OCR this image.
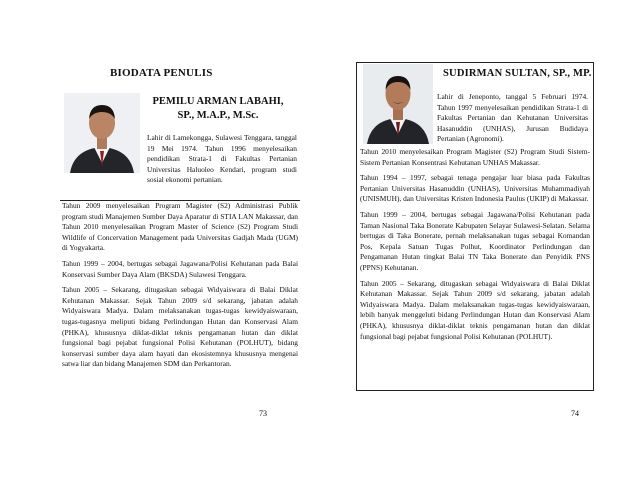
BIODATA PENULIS
PEMILU ARMAN LABAHI,
SP., M.A.P., M.Sc.

Lahir di Lamekongga, Sulawesi Tenggara, tanggal 19 Mei 1974. Tahun 1996 menyelesaikan pendidikan Strata-1 di Fakultas Pertanian Universitas Haluoleo Kendari, program studi sosial ekonomi pertanian.

Tahun 2009 menyelesaikan Program Magister (S2) Administrasi Publik program studi Manajemen Sumber Daya Aparatur di STIA LAN Makassar, dan Tahun 2010 menyelesaikan Program Master of Science (S2) Program Studi Wildlife of Concervation Management pada Universitas Gadjah Mada (UGM) di Yogyakarta.

Tahun 1999 – 2004, bertugas sebagai Jagawana/Polisi Kehutanan pada Balai Konservasi Sumber Daya Alam (BKSDA) Sulawesi Tenggara.

Tahun 2005 – Sekarang, ditugaskan sebagai Widyaiswara di Balai Diklat Kehutanan Makassar. Sejak Tahun 2009 s/d sekarang, jabatan adalah Widyaiswara Madya. Dalam melaksanakan tugas-tugas kewidyaiswaraan, tugas-tugasnya meliputi bidang Perlindungan Hutan dan Konservasi Alam (PHKA), khususnya diklat-diklat teknis pengamanan hutan dan diklat fungsional bagi pejabat fungsional Polisi Kehutanan (POLHUT), bidang konservasi sumber daya alam hayati dan ekosistemnya khususnya mengenai satwa liar dan bidang Manajemen SDM dan Perkantoran.

73
SUDIRMAN SULTAN, SP., MP.

Lahir di Jeneponto, tanggal 5 Februari 1974. Tahun 1997 menyelesaikan pendidikan Strata-1 di Fakultas Pertanian dan Kehutanan Universitas Hasanuddin (UNHAS), Jurusan Budidaya Pertanian (Agronomi).

Tahun 2010 menyelesaikan Program Magister (S2) Program Studi Sistem-Sistem Pertanian Konsentrasi Kehutanan UNHAS Makassar.

Tahun 1994 – 1997, sebagai tenaga pengajar luar biasa pada Fakultas Pertanian Universitas Hasanuddin (UNHAS), Universitas Muhammadiyah (UNISMUH), dan Universitas Kristen Indonesia Paulus (UKIP) di Makassar.

Tahun 1999 – 2004, bertugas sebagai Jagawana/Polisi Kehutanan pada Taman Nasional Taka Bonerate Kabupaten Selayar Sulawesi-Selatan. Selama bertugas di Taka Bonerate, pernah melaksanakan tugas sebagai Komandan Pos, Kepala Satuan Tugas Polhut, Koordinator Perlindungan dan Pengamanan Hutan tingkat Balai TN Taka Bonerate dan Penyidik PNS (PPNS) Kehutanan.

Tahun 2005 – Sekarang, ditugaskan sebagai Widyaiswara di Balai Diklat Kehutanan Makassar. Sejak Tahun 2009 s/d sekarang, jabatan adalah Widyaiswara Madya. Dalam melaksanakan tugas-tugas kewidyaiswaraan, lebih banyak menggeluti bidang Perlindungan Hutan dan Konservasi Alam (PHKA), khususnya diklat-diklat teknis pengamanan hutan dan diklat fungsional bagi pejabat fungsional Polisi Kehutanan (POLHUT).

74
